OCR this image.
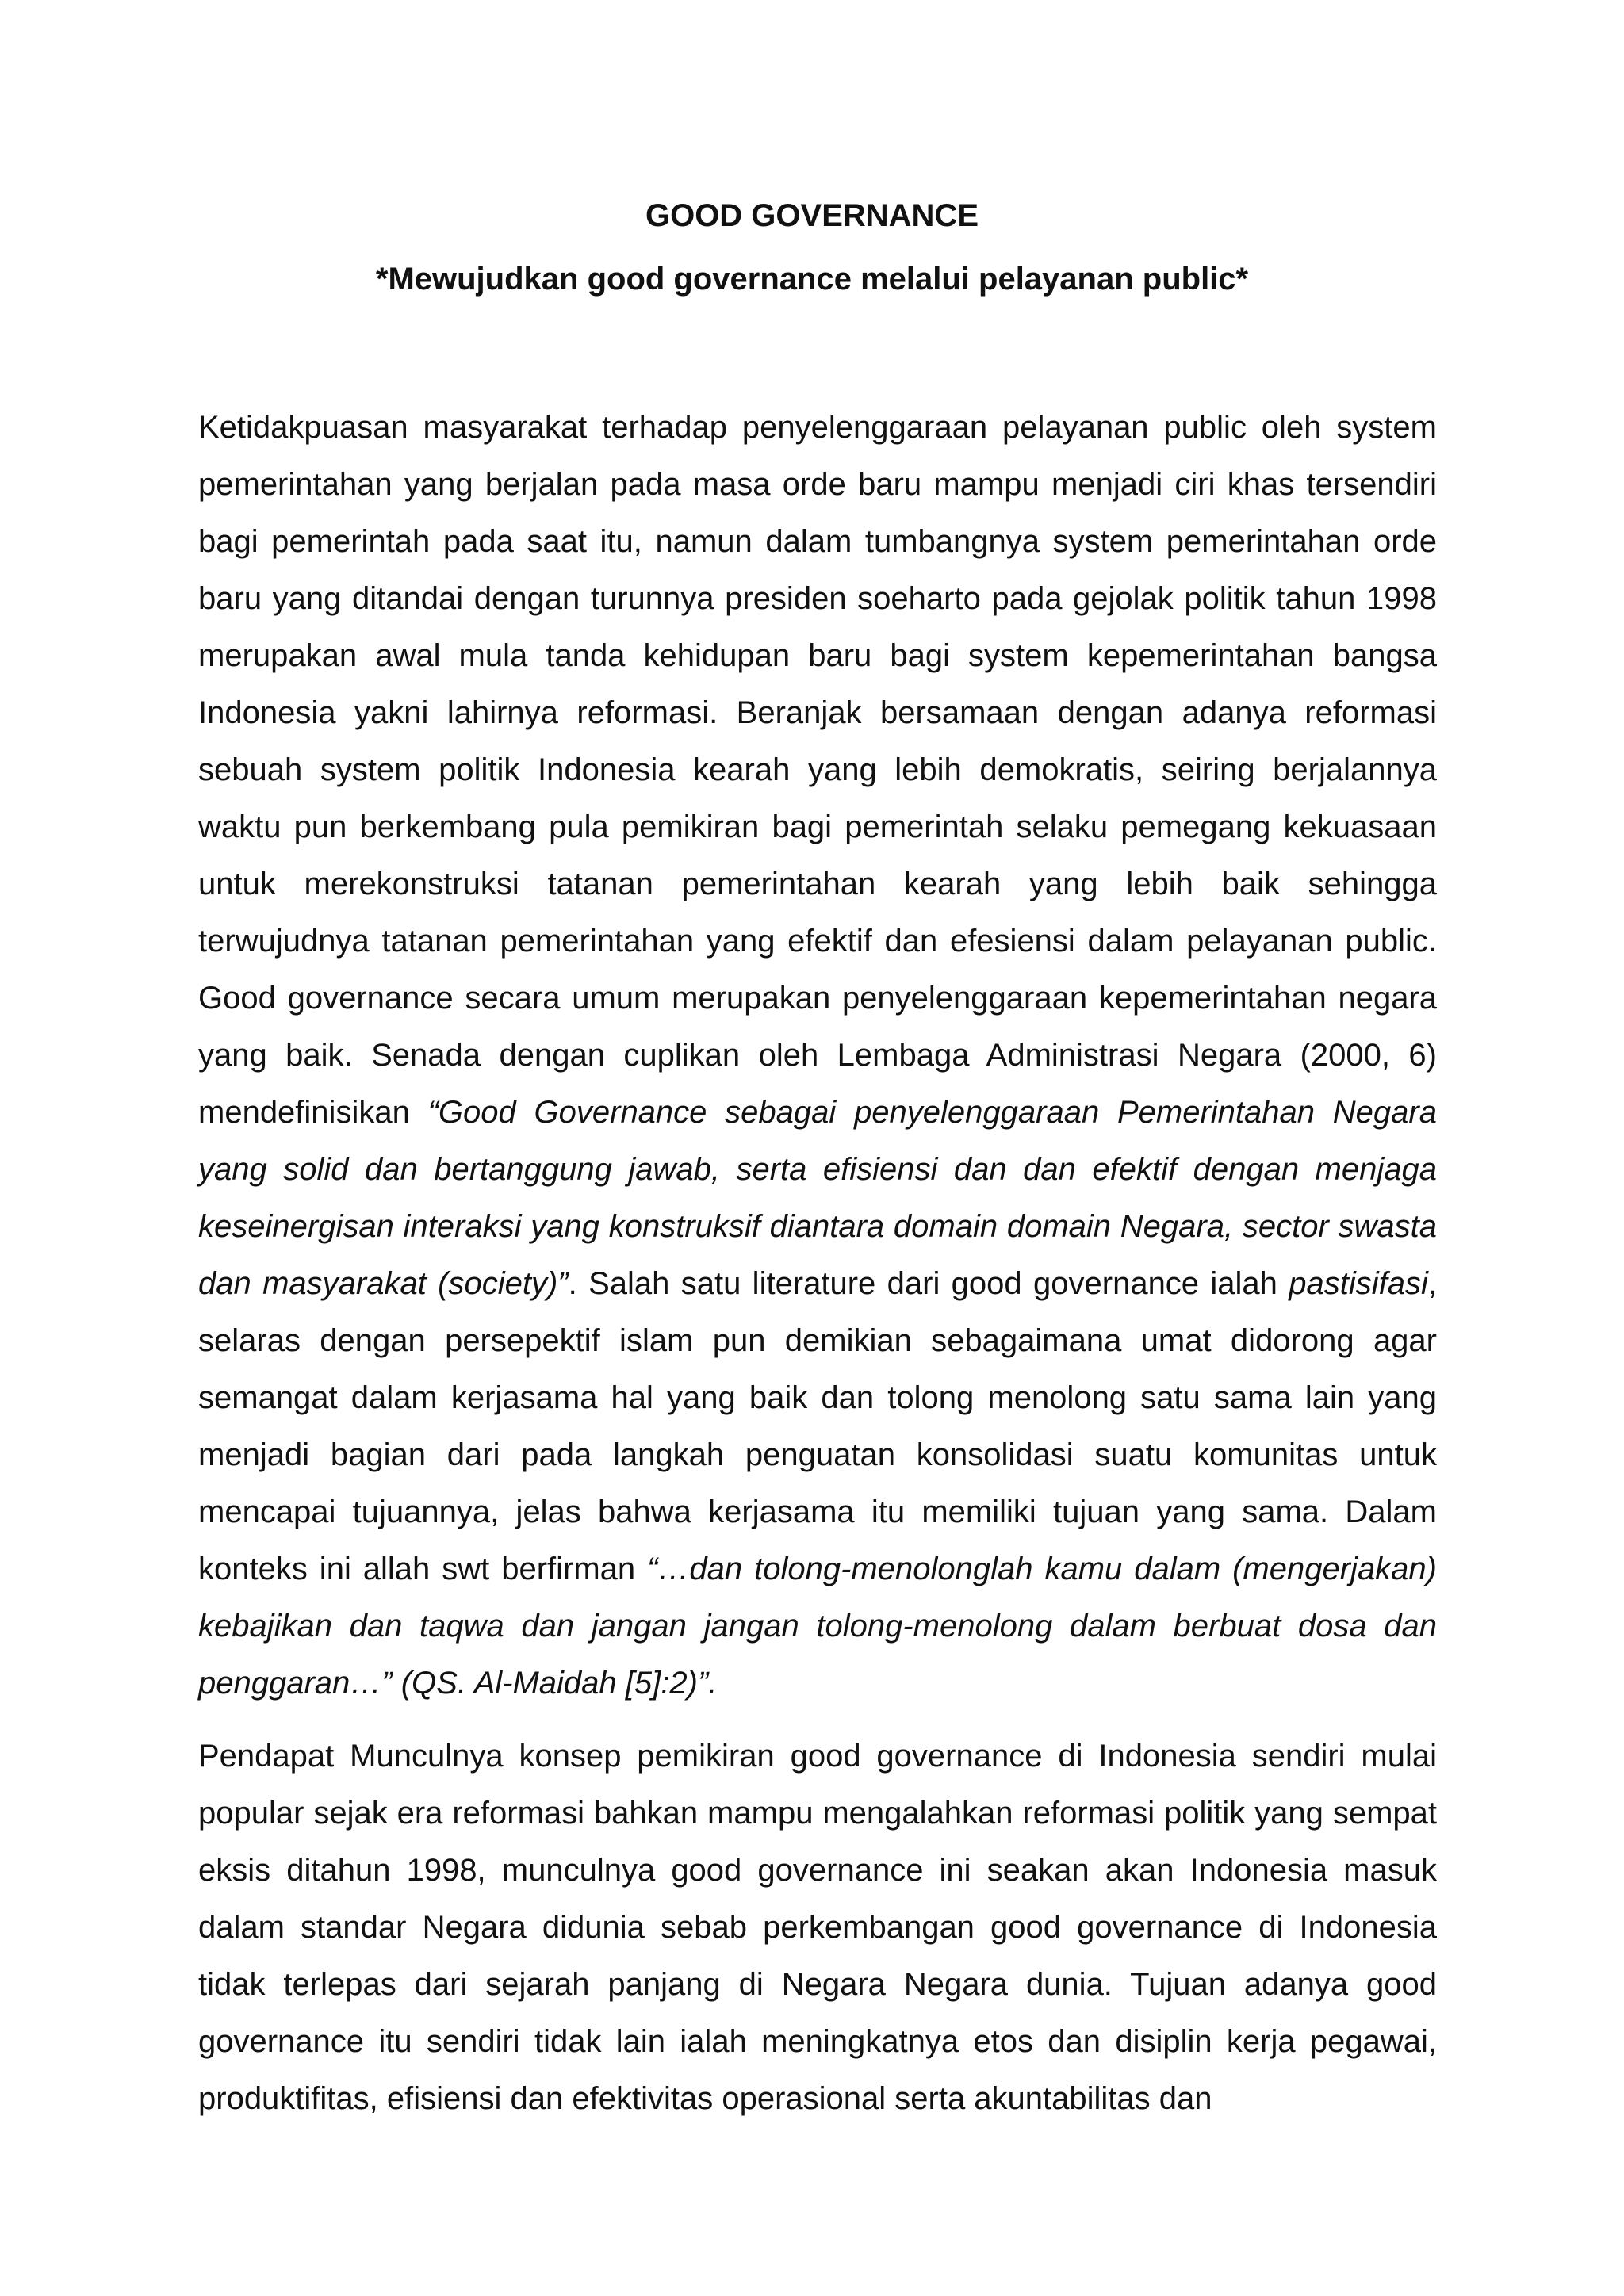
GOOD GOVERNANCE
*Mewujudkan good governance melalui pelayanan public*

Ketidakpuasan masyarakat terhadap penyelenggaraan pelayanan public oleh system pemerintahan yang berjalan pada masa orde baru mampu menjadi ciri khas tersendiri bagi pemerintah pada saat itu, namun dalam tumbangnya system pemerintahan orde baru yang ditandai dengan turunnya presiden soeharto pada gejolak politik tahun 1998 merupakan awal mula tanda kehidupan baru bagi system kepemerintahan bangsa Indonesia yakni lahirnya reformasi. Beranjak bersamaan dengan adanya reformasi sebuah system politik Indonesia kearah yang lebih demokratis, seiring berjalannya waktu pun berkembang pula pemikiran bagi pemerintah selaku pemegang kekuasaan untuk merekonstruksi tatanan pemerintahan kearah yang lebih baik sehingga terwujudnya tatanan pemerintahan yang efektif dan efesiensi dalam pelayanan public. Good governance secara umum merupakan penyelenggaraan kepemerintahan negara yang baik. Senada dengan cuplikan oleh Lembaga Administrasi Negara (2000, 6) mendefinisikan “Good Governance sebagai penyelenggaraan Pemerintahan Negara yang solid dan bertanggung jawab, serta efisiensi dan dan efektif dengan menjaga keseinergisan interaksi yang konstruksif diantara domain domain Negara, sector swasta dan masyarakat (society)”. Salah satu literature dari good governance ialah pastisifasi, selaras dengan persepektif islam pun demikian sebagaimana umat didorong agar semangat dalam kerjasama hal yang baik dan tolong menolong satu sama lain yang menjadi bagian dari pada langkah penguatan konsolidasi suatu komunitas untuk mencapai tujuannya, jelas bahwa kerjasama itu memiliki tujuan yang sama. Dalam konteks ini allah swt berfirman “…dan tolong-menolonglah kamu dalam (mengerjakan) kebajikan dan taqwa dan jangan jangan tolong-menolong dalam berbuat dosa dan penggaran…” (QS. Al-Maidah [5]:2)”.

Pendapat Munculnya konsep pemikiran good governance di Indonesia sendiri mulai popular sejak era reformasi bahkan mampu mengalahkan reformasi politik yang sempat eksis ditahun 1998, munculnya good governance ini seakan akan Indonesia masuk dalam standar Negara didunia sebab perkembangan good governance di Indonesia tidak terlepas dari sejarah panjang di Negara Negara dunia. Tujuan adanya good governance itu sendiri tidak lain ialah meningkatnya etos dan disiplin kerja pegawai, produktifitas, efisiensi dan efektivitas operasional serta akuntabilitas dan
